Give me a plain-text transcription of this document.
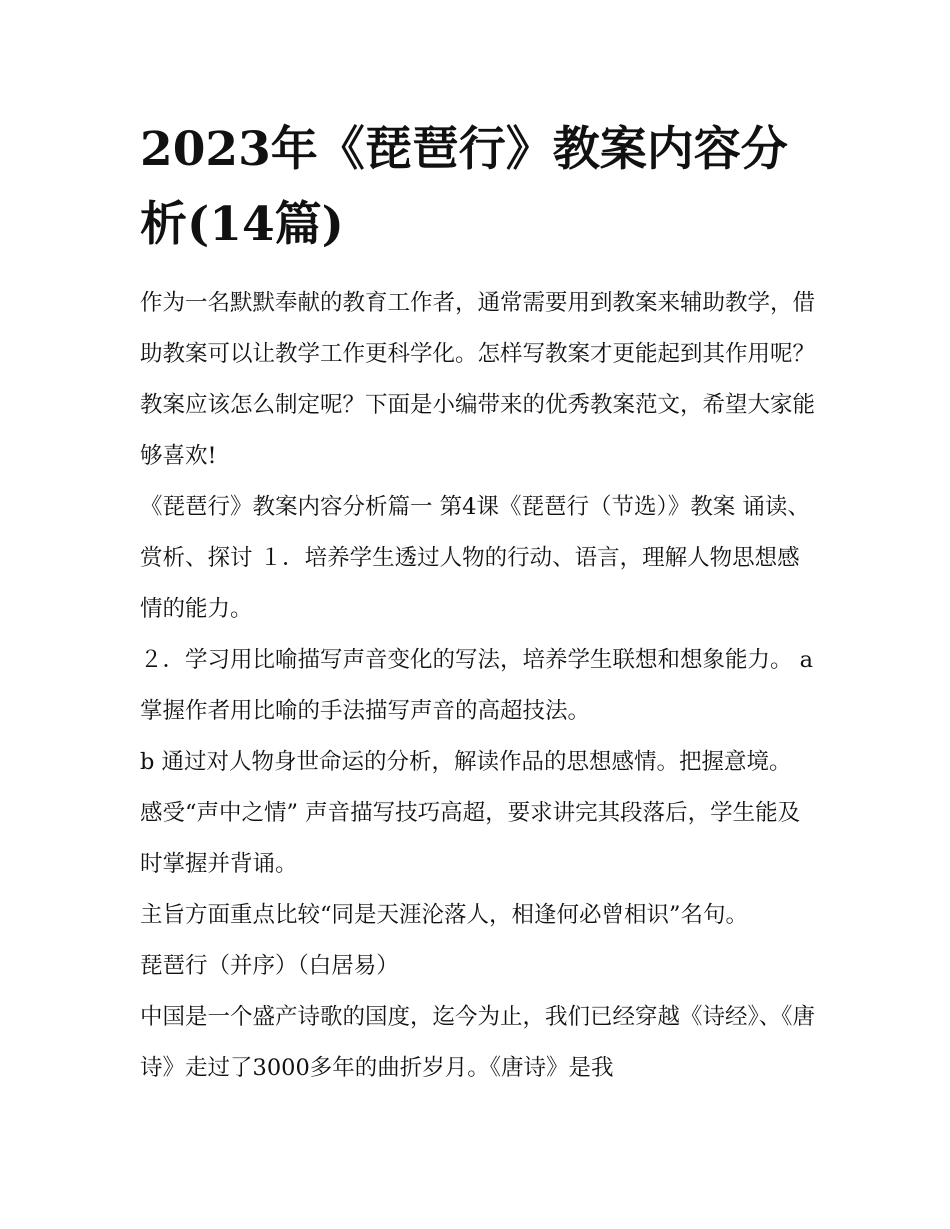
2023年《琵琶行》教案内容分析(14篇)

作为一名默默奉献的教育工作者，通常需要用到教案来辅助教学，借助教案可以让教学工作更科学化。怎样写教案才更能起到其作用呢？教案应该怎么制定呢？下面是小编带来的优秀教案范文，希望大家能够喜欢!

《琵琶行》教案内容分析篇一 第4课《琵琶行（节选）》教案 诵读、赏析、探讨 １．培养学生透过人物的行动、语言，理解人物思想感情的能力。

２．学习用比喻描写声音变化的写法，培养学生联想和想象能力。 a 掌握作者用比喻的手法描写声音的高超技法。

b 通过对人物身世命运的分析，解读作品的思想感情。把握意境。 感受“声中之情” 声音描写技巧高超，要求讲完其段落后，学生能及时掌握并背诵。

主旨方面重点比较“同是天涯沦落人，相逢何必曾相识”名句。

琵琶行（并序）（白居易）

中国是一个盛产诗歌的国度，迄今为止，我们已经穿越《诗经》、《唐诗》走过了3000多年的曲折岁月。《唐诗》是我
